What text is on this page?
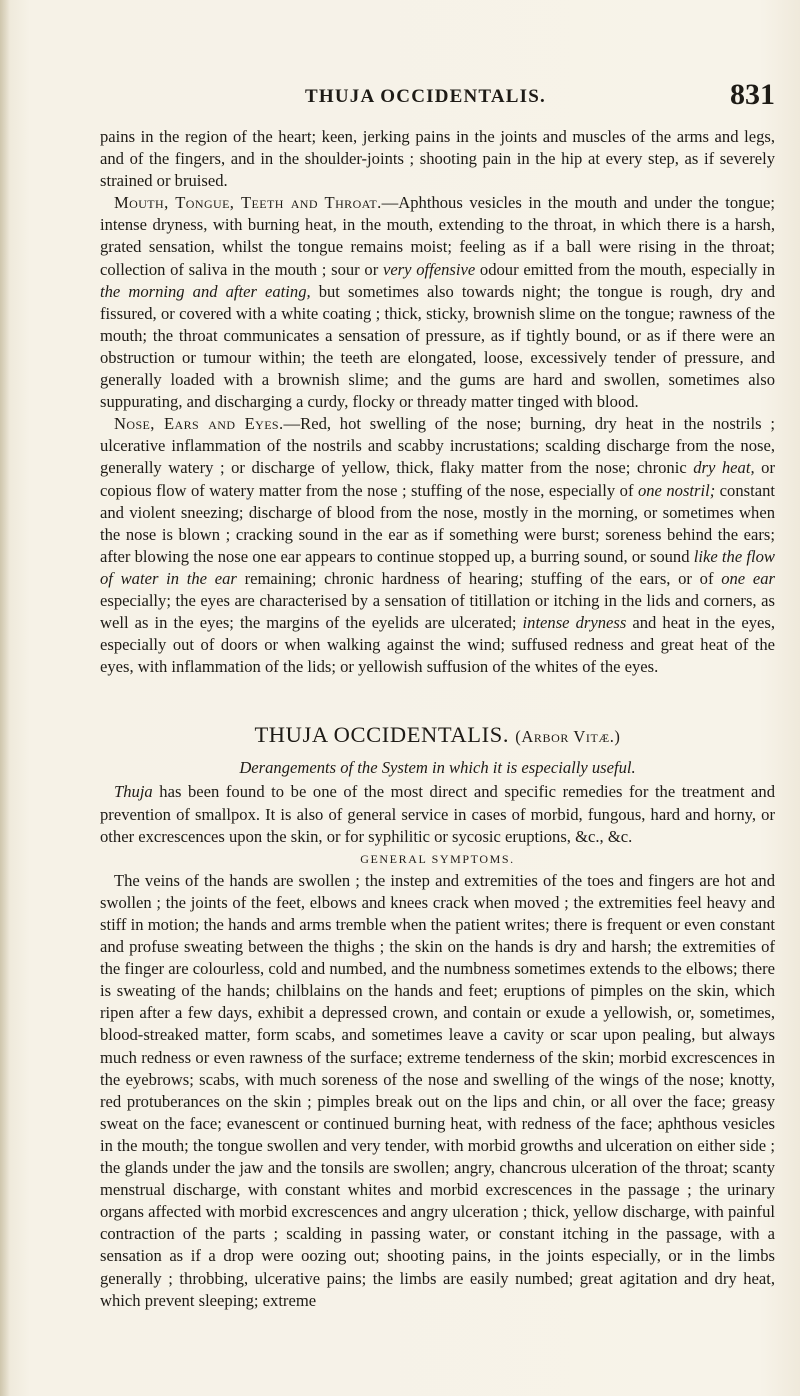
THUJA OCCIDENTALIS.	831

pains in the region of the heart; keen, jerking pains in the joints and muscles of the arms and legs, and of the fingers, and in the shoulder-joints ; shooting pain in the hip at every step, as if severely strained or bruised.

Mouth, Tongue, Teeth and Throat.—Aphthous vesicles in the mouth and under the tongue; intense dryness, with burning heat, in the mouth, extending to the throat, in which there is a harsh, grated sensation, whilst the tongue remains moist; feeling as if a ball were rising in the throat; collection of saliva in the mouth ; sour or very offensive odour emitted from the mouth, especially in the morning and after eating, but sometimes also towards night; the tongue is rough, dry and fissured, or covered with a white coating ; thick, sticky, brownish slime on the tongue; rawness of the mouth; the throat communicates a sensation of pressure, as if tightly bound, or as if there were an obstruction or tumour within; the teeth are elongated, loose, excessively tender of pressure, and generally loaded with a brownish slime; and the gums are hard and swollen, sometimes also suppurating, and discharging a curdy, flocky or thready matter tinged with blood.

Nose, Ears and Eyes.—Red, hot swelling of the nose; burning, dry heat in the nostrils ; ulcerative inflammation of the nostrils and scabby incrustations; scalding discharge from the nose, generally watery ; or discharge of yellow, thick, flaky matter from the nose; chronic dry heat, or copious flow of watery matter from the nose ; stuffing of the nose, especially of one nostril; constant and violent sneezing; discharge of blood from the nose, mostly in the morning, or sometimes when the nose is blown ; cracking sound in the ear as if something were burst; soreness behind the ears; after blowing the nose one ear appears to continue stopped up, a burring sound, or sound like the flow of water in the ear remaining; chronic hardness of hearing; stuffing of the ears, or of one ear especially; the eyes are characterised by a sensation of titillation or itching in the lids and corners, as well as in the eyes; the margins of the eyelids are ulcerated; intense dryness and heat in the eyes, especially out of doors or when walking against the wind; suffused redness and great heat of the eyes, with inflammation of the lids; or yellowish suffusion of the whites of the eyes.

THUJA OCCIDENTALIS. (Arbor Vitæ.)

Derangements of the System in which it is especially useful.

Thuja has been found to be one of the most direct and specific remedies for the treatment and prevention of smallpox. It is also of general service in cases of morbid, fungous, hard and horny, or other excrescences upon the skin, or for syphilitic or sycosic eruptions, &c., &c.

GENERAL SYMPTOMS.

The veins of the hands are swollen ; the instep and extremities of the toes and fingers are hot and swollen ; the joints of the feet, elbows and knees crack when moved ; the extremities feel heavy and stiff in motion; the hands and arms tremble when the patient writes; there is frequent or even constant and profuse sweating between the thighs ; the skin on the hands is dry and harsh; the extremities of the finger are colourless, cold and numbed, and the numbness sometimes extends to the elbows; there is sweating of the hands; chilblains on the hands and feet; eruptions of pimples on the skin, which ripen after a few days, exhibit a depressed crown, and contain or exude a yellowish, or, sometimes, blood-streaked matter, form scabs, and sometimes leave a cavity or scar upon pealing, but always much redness or even rawness of the surface; extreme tenderness of the skin; morbid excrescences in the eyebrows; scabs, with much soreness of the nose and swelling of the wings of the nose; knotty, red protuberances on the skin ; pimples break out on the lips and chin, or all over the face; greasy sweat on the face; evanescent or continued burning heat, with redness of the face; aphthous vesicles in the mouth; the tongue swollen and very tender, with morbid growths and ulceration on either side ; the glands under the jaw and the tonsils are swollen; angry, chancrous ulceration of the throat; scanty menstrual discharge, with constant whites and morbid excrescences in the passage ; the urinary organs affected with morbid excrescences and angry ulceration ; thick, yellow discharge, with painful contraction of the parts ; scalding in passing water, or constant itching in the passage, with a sensation as if a drop were oozing out; shooting pains, in the joints especially, or in the limbs generally ; throbbing, ulcerative pains; the limbs are easily numbed; great agitation and dry heat, which prevent sleeping; extreme
